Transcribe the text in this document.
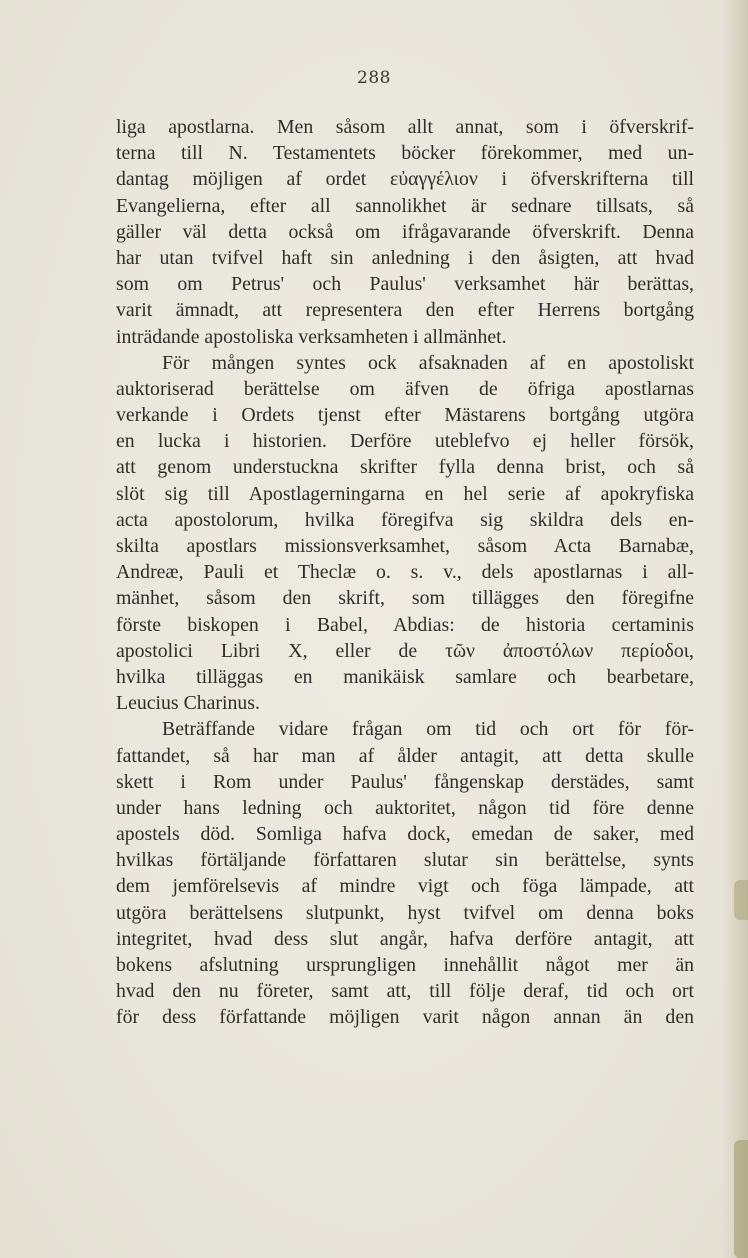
288
liga apostlarna. Men såsom allt annat, som i öfverskrif-
terna till N. Testamentets böcker förekommer, med un-
dantag möjligen af ordet εὐαγγέλιον i öfverskrifterna till
Evangelierna, efter all sannolikhet är sednare tillsats, så
gäller väl detta också om ifrågavarande öfverskrift. Denna
har utan tvifvel haft sin anledning i den åsigten, att hvad
som om Petrus' och Paulus' verksamhet här berättas,
varit ämnadt, att representera den efter Herrens bortgång
inträdande apostoliska verksamheten i allmänhet.
För mången syntes ock afsaknaden af en apostoliskt
auktoriserad berättelse om äfven de öfriga apostlarnas
verkande i Ordets tjenst efter Mästarens bortgång utgöra
en lucka i historien. Derföre uteblefvo ej heller försök,
att genom understuckna skrifter fylla denna brist, och så
slöt sig till Apostlagerningarna en hel serie af apokryfiska
acta apostolorum, hvilka föregifva sig skildra dels en-
skilta apostlars missionsverksamhet, såsom Acta Barnabæ,
Andreæ, Pauli et Theclæ o. s. v., dels apostlarnas i all-
mänhet, såsom den skrift, som tillägges den föregifne
förste biskopen i Babel, Abdias: de historia certaminis
apostolici Libri X, eller de τῶν ἀποστόλων περίοδοι,
hvilka tilläggas en manikäisk samlare och bearbetare,
Leucius Charinus.
Beträffande vidare frågan om tid och ort för för-
fattandet, så har man af ålder antagit, att detta skulle
skett i Rom under Paulus' fångenskap derstädes, samt
under hans ledning och auktoritet, någon tid före denne
apostels död. Somliga hafva dock, emedan de saker, med
hvilkas förtäljande författaren slutar sin berättelse, synts
dem jemförelsevis af mindre vigt och föga lämpade, att
utgöra berättelsens slutpunkt, hyst tvifvel om denna boks
integritet, hvad dess slut angår, hafva derföre antagit, att
bokens afslutning ursprungligen innehållit något mer än
hvad den nu företer, samt att, till följe deraf, tid och ort
för dess författande möjligen varit någon annan än den
